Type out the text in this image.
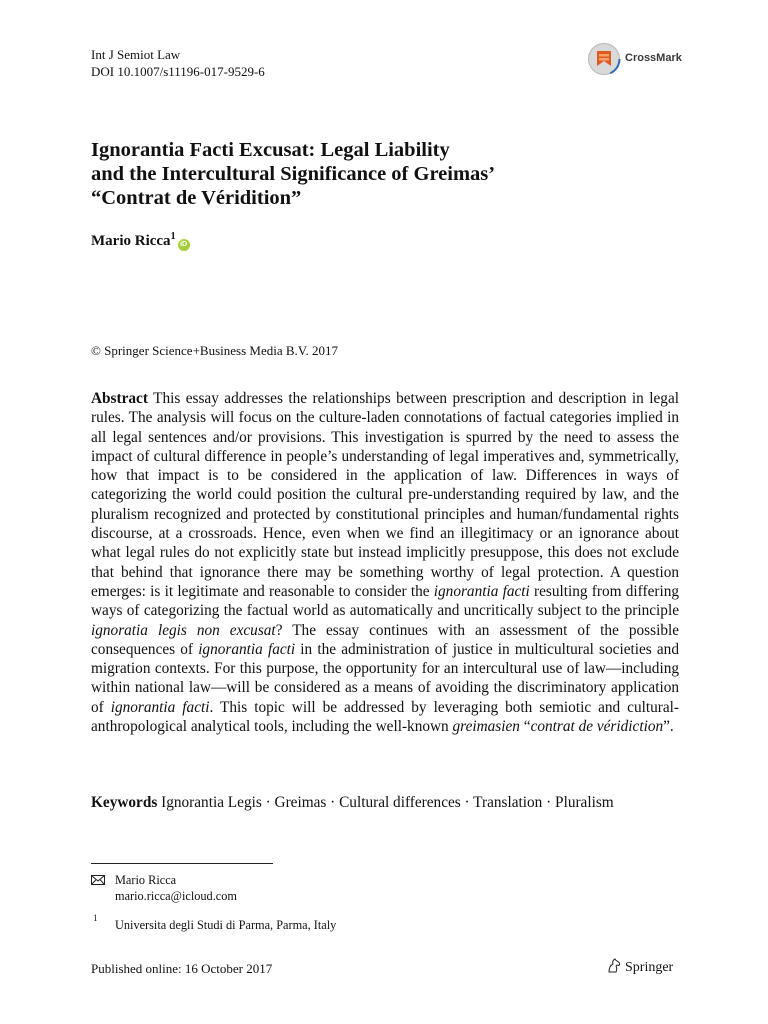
Int J Semiot Law
DOI 10.1007/s11196-017-9529-6
CrossMark
Ignorantia Facti Excusat: Legal Liability
and the Intercultural Significance of Greimas’
“Contrat de Véridition”
Mario Ricca$^1$iD
© Springer Science+Business Media B.V. 2017

Abstract This essay addresses the relationships between prescription and description in legal rules. The analysis will focus on the culture-laden connotations of factual categories implied in all legal sentences and/or provisions. This investigation is spurred by the need to assess the impact of cultural difference in people’s understanding of legal imperatives and, symmetrically, how that impact is to be considered in the application of law. Differences in ways of categorizing the world could position the cultural pre-understanding required by law, and the pluralism recognized and protected by constitutional principles and human/fundamental rights discourse, at a crossroads. Hence, even when we find an illegitimacy or an ignorance about what legal rules do not explicitly state but instead implicitly presuppose, this does not exclude that behind that ignorance there may be something worthy of legal protection. A question emerges: is it legitimate and reasonable to consider the ignorantia facti resulting from differing ways of categorizing the factual world as automatically and uncritically subject to the principle ignoratia legis non excusat? The essay continues with an assessment of the possible consequences of ignorantia facti in the administration of justice in multicultural societies and migration contexts. For this purpose, the opportunity for an intercultural use of law—including within national law—will be considered as a means of avoiding the discriminatory application of ignorantia facti. This topic will be addressed by leveraging both semiotic and cultural-anthropological analytical tools, including the well-known greimasien “contrat de véridiction”.

Keywords Ignorantia Legis · Greimas · Cultural differences · Translation · Pluralism

Mario Ricca
mario.ricca@icloud.com
1 Universita degli Studi di Parma, Parma, Italy
Published online: 16 October 2017	Springer
